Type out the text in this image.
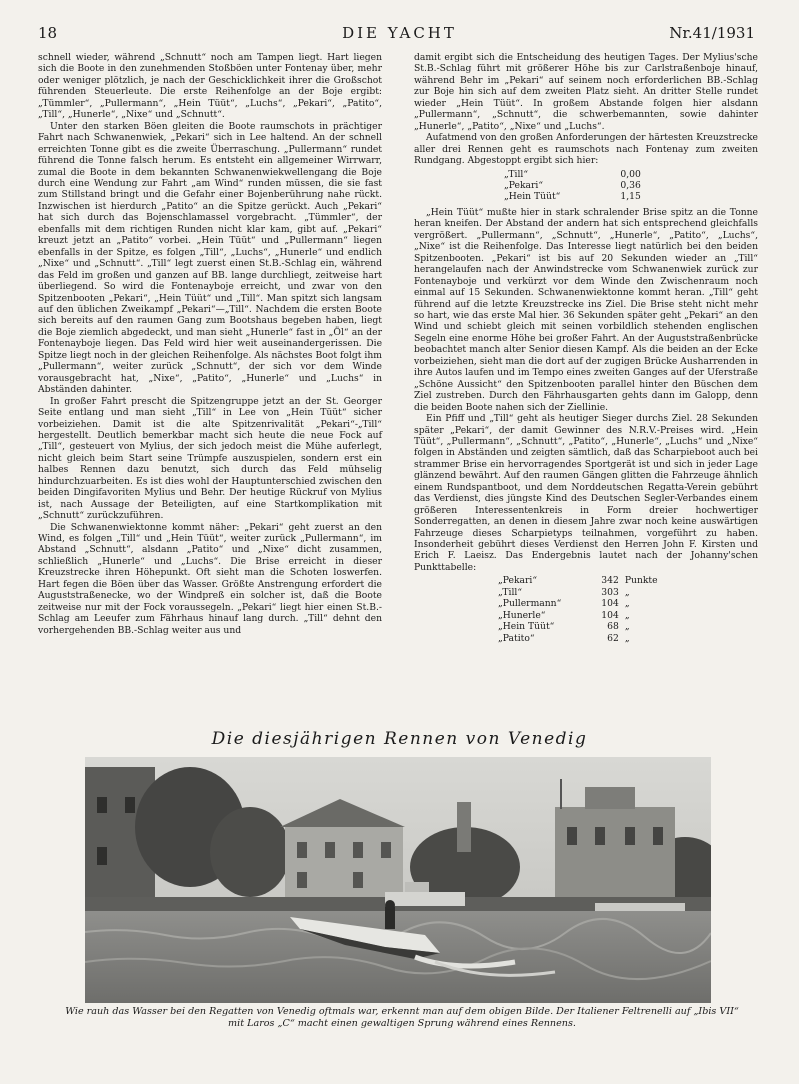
18	DIE YACHT	Nr.41/1931

schnell wieder, während „Schnutt“ noch am Tampen liegt. Hart liegen sich die Boote in den zunehmenden Stoßböen unter Fontenay über, mehr oder weniger plötzlich, je nach der Geschicklichkeit ihrer die Großschot führenden Steuerleute. Die erste Reihenfolge an der Boje ergibt: „Tümmler“, „Pullermann“, „Hein Tüüt“, „Luchs“, „Pekari“, „Patito“, „Till“, „Hunerle“, „Nixe“ und „Schnutt“.

Unter den starken Böen gleiten die Boote raumschots in prächtiger Fahrt nach Schwanenwiek, „Pekari“ sich in Lee haltend. An der schnell erreichten Tonne gibt es die zweite Überraschung. „Pullermann“ rundet führend die Tonne falsch herum. Es entsteht ein allgemeiner Wirrwarr, zumal die Boote in dem bekannten Schwanenwiekwellengang die Boje durch eine Wendung zur Fahrt „am Wind“ runden müssen, die sie fast zum Stillstand bringt und die Gefahr einer Bojenberührung nahe rückt. Inzwischen ist hierdurch „Patito“ an die Spitze gerückt. Auch „Pekari“ hat sich durch das Bojenschlamassel vorgebracht. „Tümmler“, der ebenfalls mit dem richtigen Runden nicht klar kam, gibt auf. „Pekari“ kreuzt jetzt an „Patito“ vorbei. „Hein Tüüt“ und „Pullermann“ liegen ebenfalls in der Spitze, es folgen „Till“, „Luchs“, „Hunerle“ und endlich „Nixe“ und „Schnutt“. „Till“ legt zuerst einen St.B.-Schlag ein, während das Feld im großen und ganzen auf BB. lange durchliegt, zeitweise hart überliegend. So wird die Fontenayboje erreicht, und zwar von den Spitzenbooten „Pekari“, „Hein Tüüt“ und „Till“. Man spitzt sich langsam auf den üblichen Zweikampf „Pekari“—„Till“. Nachdem die ersten Boote sich bereits auf den raumen Gang zum Bootshaus begeben haben, liegt die Boje ziemlich abgedeckt, und man sieht „Hunerle“ fast in „Öl“ an der Fontenayboje liegen. Das Feld wird hier weit auseinandergerissen. Die Spitze liegt noch in der gleichen Reihenfolge. Als nächstes Boot folgt ihm „Pullermann“, weiter zurück „Schnutt“, der sich vor dem Winde vorausgebracht hat, „Nixe“, „Patito“, „Hunerle“ und „Luchs“ in Abständen dahinter.

In großer Fahrt prescht die Spitzengruppe jetzt an der St. Georger Seite entlang und man sieht „Till“ in Lee von „Hein Tüüt“ sicher vorbeiziehen. Damit ist die alte Spitzenrivalität „Pekari“-„Till“ hergestellt. Deutlich bemerkbar macht sich heute die neue Fock auf „Till“, gesteuert von Mylius, der sich jedoch meist die Mühe auferlegt, nicht gleich beim Start seine Trümpfe auszuspielen, sondern erst ein halbes Rennen dazu benutzt, sich durch das Feld mühselig hindurchzuarbeiten. Es ist dies wohl der Hauptunterschied zwischen den beiden Dingifavoriten Mylius und Behr. Der heutige Rückruf von Mylius ist, nach Aussage der Beteiligten, auf eine Startkomplikation mit „Schnutt“ zurückzuführen.

Die Schwanenwiektonne kommt näher: „Pekari“ geht zuerst an den Wind, es folgen „Till“ und „Hein Tüüt“, weiter zurück „Pullermann“, im Abstand „Schnutt“, alsdann „Patito“ und „Nixe“ dicht zusammen, schließlich „Hunerle“ und „Luchs“. Die Brise erreicht in dieser Kreuzstrecke ihren Höhepunkt. Oft sieht man die Schoten loswerfen. Hart fegen die Böen über das Wasser. Größte Anstrengung erfordert die Auguststraßenecke, wo der Windpreß ein solcher ist, daß die Boote zeitweise nur mit der Fock voraussegeln. „Pekari“ liegt hier einen St.B.-Schlag am Leeufer zum Fährhaus hinauf lang durch. „Till“ dehnt den vorhergehenden BB.-Schlag weiter aus und

damit ergibt sich die Entscheidung des heutigen Tages. Der Mylius'sche St.B.-Schlag führt mit größerer Höhe bis zur Carlstraßenboje hinauf, während Behr im „Pekari“ auf seinem noch erforderlichen BB.-Schlag zur Boje hin sich auf dem zweiten Platz sieht. An dritter Stelle rundet wieder „Hein Tüüt“. In großem Abstande folgen hier alsdann „Pullermann“, „Schnutt“, die schwerbemannten, sowie dahinter „Hunerle“, „Patito“, „Nixe“ und „Luchs“.

Aufatmend von den großen Anforderungen der härtesten Kreuzstrecke aller drei Rennen geht es raumschots nach Fontenay zum zweiten Rundgang. Abgestoppt ergibt sich hier:

„Till“	0,00
„Pekari“	0,36
„Hein Tüüt“	1,15

„Hein Tüüt“ mußte hier in stark schralender Brise spitz an die Tonne heran kneifen. Der Abstand der andern hat sich entsprechend gleichfalls vergrößert. „Pullermann“, „Schnutt“, „Hunerle“, „Patito“, „Luchs“, „Nixe“ ist die Reihenfolge. Das Interesse liegt natürlich bei den beiden Spitzenbooten. „Pekari“ ist bis auf 20 Sekunden wieder an „Till“ herangelaufen nach der Anwindstrecke vom Schwanenwiek zurück zur Fontenayboje und verkürzt vor dem Winde den Zwischenraum noch einmal auf 15 Sekunden. Schwanenwiektonne kommt heran. „Till“ geht führend auf die letzte Kreuzstrecke ins Ziel. Die Brise steht nicht mehr so hart, wie das erste Mal hier. 36 Sekunden später geht „Pekari“ an den Wind und schiebt gleich mit seinen vorbildlich stehenden englischen Segeln eine enorme Höhe bei großer Fahrt. An der Auguststraßenbrücke beobachtet manch alter Senior diesen Kampf. Als die beiden an der Ecke vorbeiziehen, sieht man die dort auf der zugigen Brücke Ausharrenden in ihre Autos laufen und im Tempo eines zweiten Ganges auf der Uferstraße „Schöne Aussicht“ den Spitzenbooten parallel hinter den Büschen dem Ziel zustreben. Durch den Fährhausgarten gehts dann im Galopp, denn die beiden Boote nahen sich der Ziellinie.

Ein Pfiff und „Till“ geht als heutiger Sieger durchs Ziel. 28 Sekunden später „Pekari“, der damit Gewinner des N.R.V.-Preises wird. „Hein Tüüt“, „Pullermann“, „Schnutt“, „Patito“, „Hunerle“, „Luchs“ und „Nixe“ folgen in Abständen und zeigten sämtlich, daß das Scharpieboot auch bei strammer Brise ein hervorragendes Sportgerät ist und sich in jeder Lage glänzend bewährt. Auf den raumen Gängen glitten die Fahrzeuge ähnlich einem Rundspantboot, und dem Norddeutschen Regatta-Verein gebührt das Verdienst, dies jüngste Kind des Deutschen Segler-Verbandes einem größeren Interessentenkreis in Form dreier hochwertiger Sonderregatten, an denen in diesem Jahre zwar noch keine auswärtigen Fahrzeuge dieses Scharpietyps teilnahmen, vorgeführt zu haben. Insonderheit gebührt dieses Verdienst den Herren John F. Kirsten und Erich F. Laeisz. Das Endergebnis lautet nach der Johanny'schen Punkttabelle:

„Pekari“	342	Punkte
„Till“	303	„
„Pullermann“	104	„
„Hunerle“	104	„
„Hein Tüüt“	68	„
„Patito“	62	„
Die diesjährigen Rennen von Venedig
Wie rauh das Wasser bei den Regatten von Venedig oftmals war, erkennt man auf dem obigen Bilde. Der Italiener Feltrenelli auf „Ibis VII“ mit Laros „C“ macht einen gewaltigen Sprung während eines Rennens.
